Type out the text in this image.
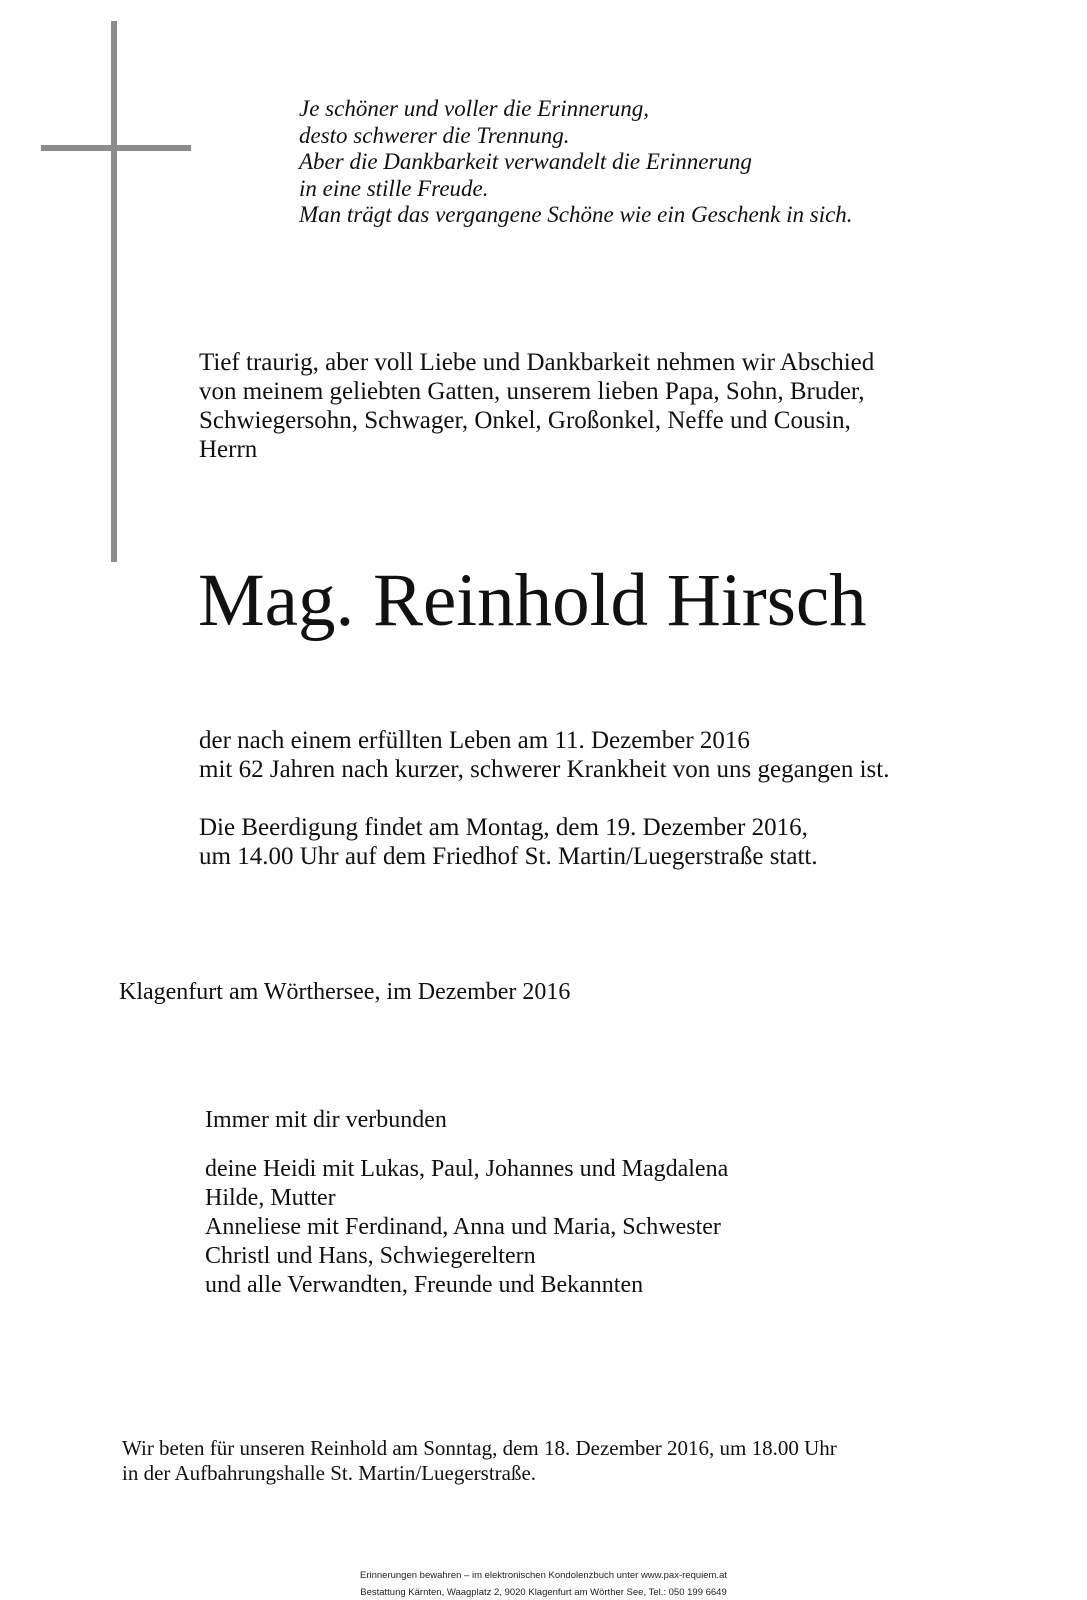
Je schöner und voller die Erinnerung,
desto schwerer die Trennung.
Aber die Dankbarkeit verwandelt die Erinnerung
in eine stille Freude.
Man trägt das vergangene Schöne wie ein Geschenk in sich.
Tief traurig, aber voll Liebe und Dankbarkeit nehmen wir Abschied
von meinem geliebten Gatten, unserem lieben Papa, Sohn, Bruder,
Schwiegersohn, Schwager, Onkel, Großonkel, Neffe und Cousin,
Herrn
Mag. Reinhold Hirsch
der nach einem erfüllten Leben am 11. Dezember 2016
mit 62 Jahren nach kurzer, schwerer Krankheit von uns gegangen ist.
Die Beerdigung findet am Montag, dem 19. Dezember 2016,
um 14.00 Uhr auf dem Friedhof St. Martin/Luegerstraße statt.
Klagenfurt am Wörthersee, im Dezember 2016
Immer mit dir verbunden
deine Heidi mit Lukas, Paul, Johannes und Magdalena
Hilde, Mutter
Anneliese mit Ferdinand, Anna und Maria, Schwester
Christl und Hans, Schwiegereltern
und alle Verwandten, Freunde und Bekannten
Wir beten für unseren Reinhold am Sonntag, dem 18. Dezember 2016, um 18.00 Uhr
in der Aufbahrungshalle St. Martin/Luegerstraße.
Erinnerungen bewahren – im elektronischen Kondolenzbuch unter www.pax-requiem.at
Bestattung Kärnten, Waagplatz 2, 9020 Klagenfurt am Wörther See, Tel.: 050 199 6649
